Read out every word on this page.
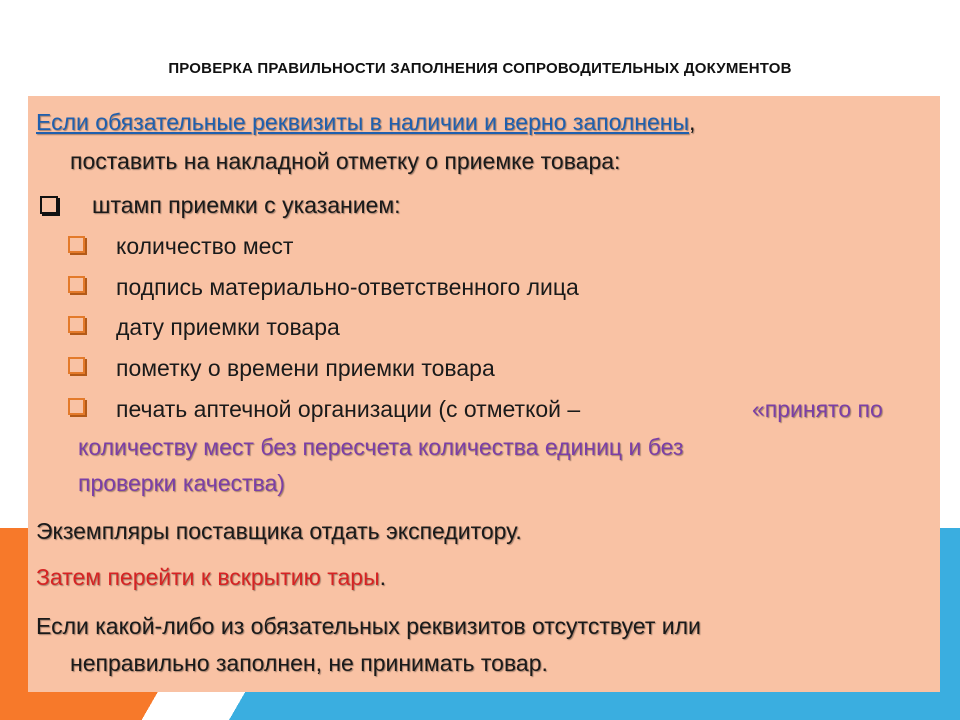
ПРОВЕРКА ПРАВИЛЬНОСТИ ЗАПОЛНЕНИЯ СОПРОВОДИТЕЛЬНЫХ ДОКУМЕНТОВ
Если обязательные реквизиты в наличии и верно заполнены,
поставить на накладной отметку о приемке товара:
штамп приемки с указанием:
количество мест
подпись материально-ответственного лица
дату приемки товара
пометку о времени приемки товара
печать аптечной организации (с отметкой –	«принято по
количеству мест без пересчета количества единиц и без
проверки качества)
Экземпляры поставщика отдать экспедитору.
Затем перейти к вскрытию тары.
Если какой-либо из обязательных реквизитов отсутствует или
неправильно заполнен, не принимать товар.
